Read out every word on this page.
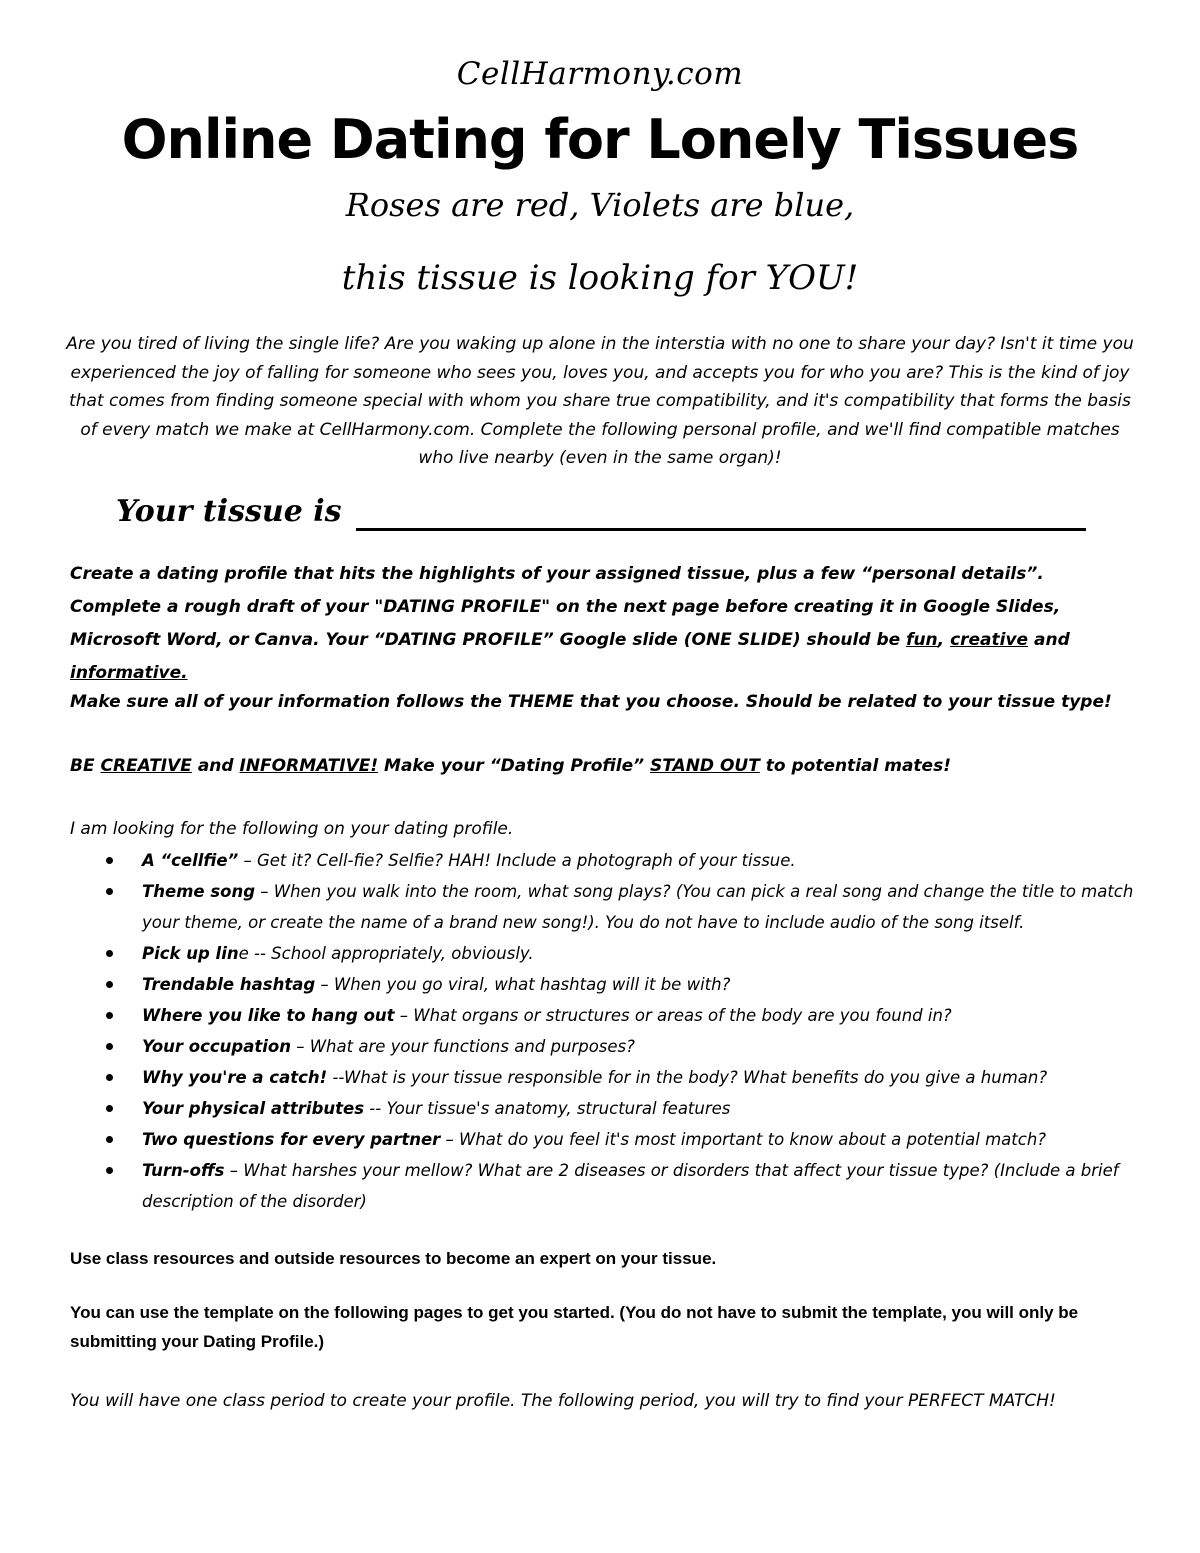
CellHarmony.com
Online Dating for Lonely Tissues
Roses are red, Violets are blue,
this tissue is looking for YOU!
Are you tired of living the single life? Are you waking up alone in the interstia with no one to share your day? Isn't it time you experienced the joy of falling for someone who sees you, loves you, and accepts you for who you are? This is the kind of joy that comes from finding someone special with whom you share true compatibility, and it's compatibility that forms the basis of every match we make at CellHarmony.com. Complete the following personal profile, and we'll find compatible matches who live nearby (even in the same organ)!
Your tissue is
Create a dating profile that hits the highlights of your assigned tissue, plus a few “personal details”. Complete a rough draft of your "DATING PROFILE" on the next page before creating it in Google Slides, Microsoft Word, or Canva. Your “DATING PROFILE” Google slide (ONE SLIDE) should be fun, creative and informative.
Make sure all of your information follows the THEME that you choose. Should be related to your tissue type!
BE CREATIVE and INFORMATIVE! Make your “Dating Profile” STAND OUT to potential mates!
I am looking for the following on your dating profile.
A “cellfie” – Get it? Cell-fie? Selfie? HAH! Include a photograph of your tissue.
Theme song – When you walk into the room, what song plays? (You can pick a real song and change the title to match your theme, or create the name of a brand new song!). You do not have to include audio of the song itself.
Pick up line -- School appropriately, obviously.
Trendable hashtag – When you go viral, what hashtag will it be with?
Where you like to hang out – What organs or structures or areas of the body are you found in?
Your occupation – What are your functions and purposes?
Why you're a catch! --What is your tissue responsible for in the body? What benefits do you give a human?
Your physical attributes -- Your tissue's anatomy, structural features
Two questions for every partner – What do you feel it's most important to know about a potential match?
Turn-offs – What harshes your mellow? What are 2 diseases or disorders that affect your tissue type? (Include a brief description of the disorder)
Use class resources and outside resources to become an expert on your tissue.
You can use the template on the following pages to get you started. (You do not have to submit the template, you will only be submitting your Dating Profile.)
You will have one class period to create your profile. The following period, you will try to find your PERFECT MATCH!
